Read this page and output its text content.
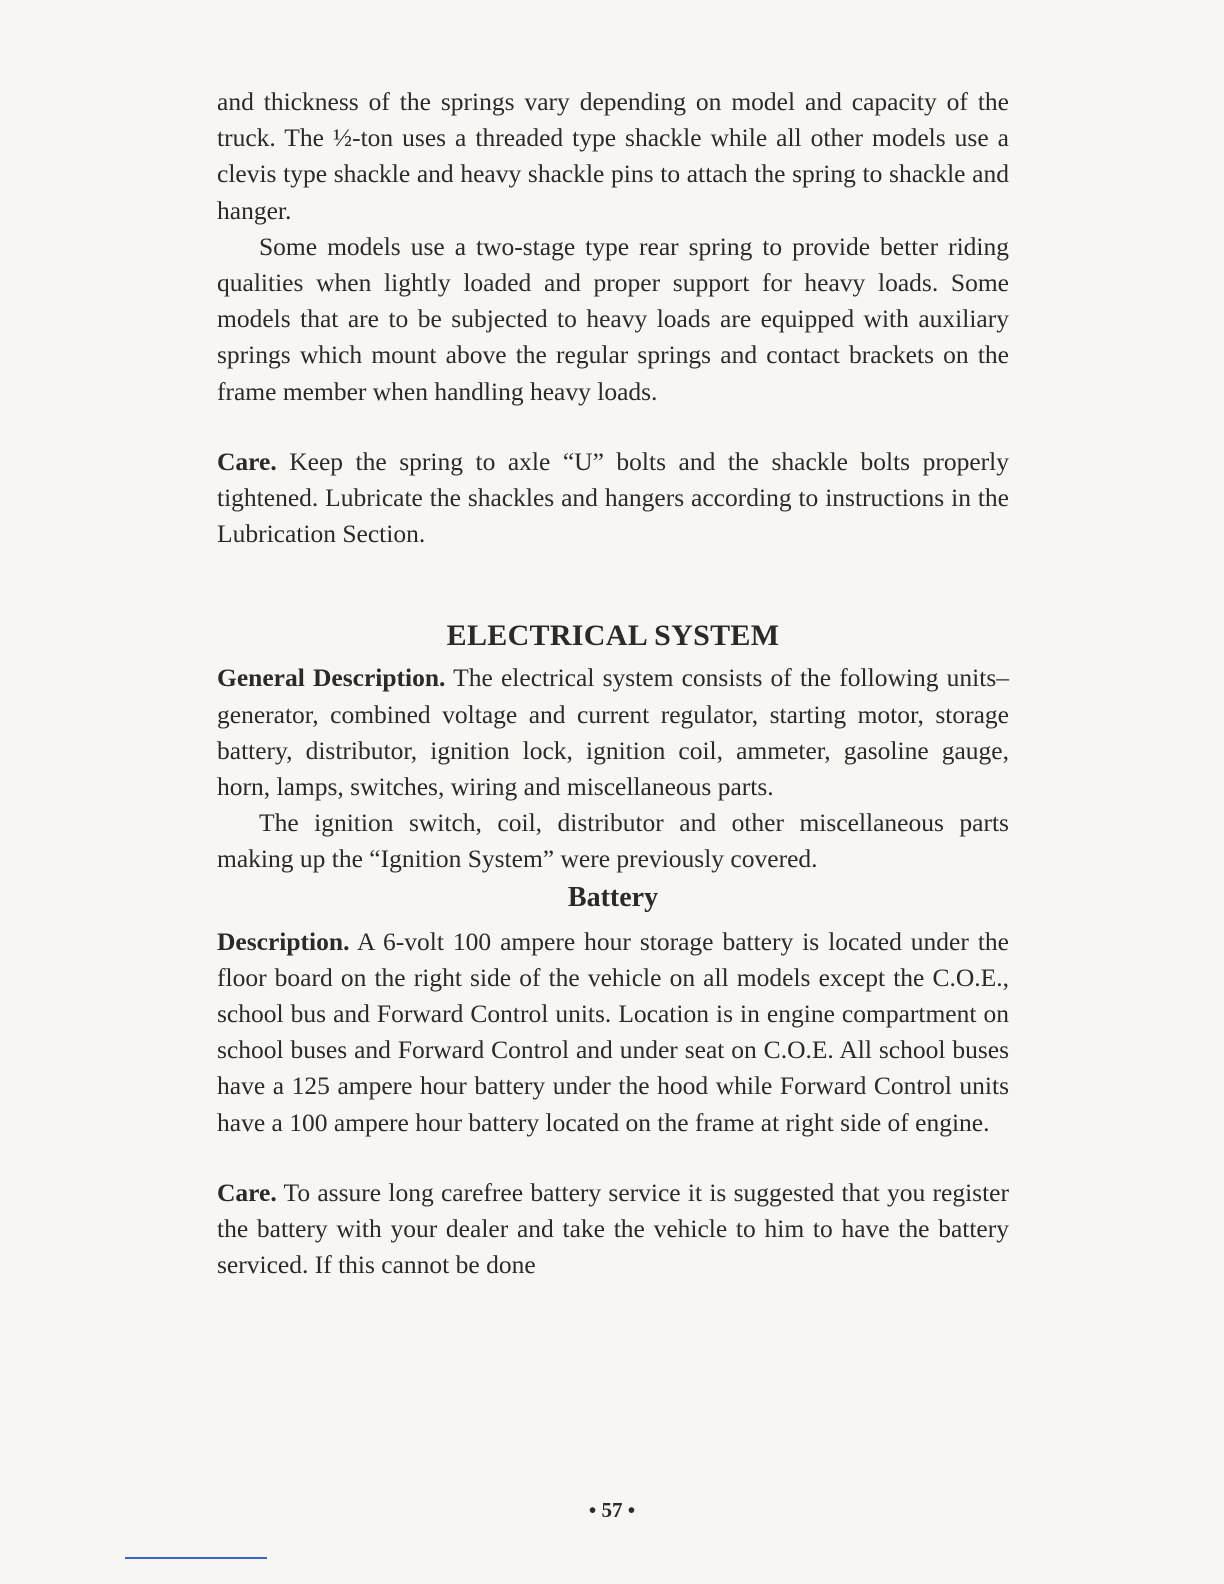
and thickness of the springs vary depending on model and capacity of the truck. The ½-ton uses a threaded type shackle while all other models use a clevis type shackle and heavy shackle pins to attach the spring to shackle and hanger.

Some models use a two-stage type rear spring to provide better riding qualities when lightly loaded and proper support for heavy loads. Some models that are to be subjected to heavy loads are equipped with auxiliary springs which mount above the regular springs and contact brackets on the frame member when handling heavy loads.

Care. Keep the spring to axle “U” bolts and the shackle bolts properly tightened. Lubricate the shackles and hangers according to instructions in the Lubrication Section.

ELECTRICAL SYSTEM

General Description. The electrical system consists of the following units–generator, combined voltage and current regulator, starting motor, storage battery, distributor, ignition lock, ignition coil, ammeter, gasoline gauge, horn, lamps, switches, wiring and miscellaneous parts.

The ignition switch, coil, distributor and other miscellaneous parts making up the “Ignition System” were previously covered.

Battery

Description. A 6-volt 100 ampere hour storage battery is located under the floor board on the right side of the vehicle on all models except the C.O.E., school bus and Forward Control units. Location is in engine compartment on school buses and Forward Control and under seat on C.O.E. All school buses have a 125 ampere hour battery under the hood while Forward Control units have a 100 ampere hour battery located on the frame at right side of engine.

Care. To assure long carefree battery service it is suggested that you register the battery with your dealer and take the vehicle to him to have the battery serviced. If this cannot be done

• 57 •
